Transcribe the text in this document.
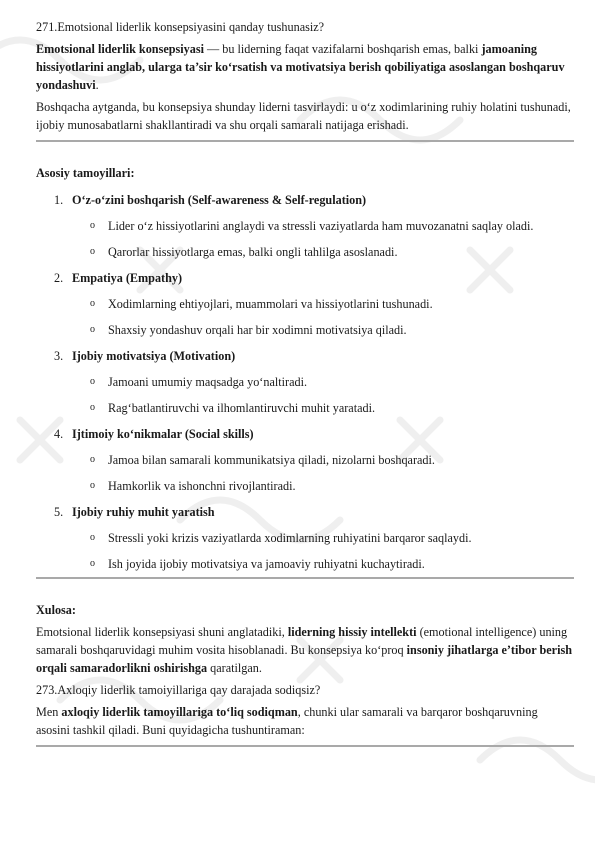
271.Emotsional liderlik konsepsiyasini qanday tushunasiz?

Emotsional liderlik konsepsiyasi — bu liderning faqat vazifalarni boshqarish emas, balki jamoaning hissiyotlarini anglab, ularga ta’sir ko‘rsatish va motivatsiya berish qobiliyatiga asoslangan boshqaruv yondashuvi.

Boshqacha aytganda, bu konsepsiya shunday liderni tasvirlaydi: u o‘z xodimlarining ruhiy holatini tushunadi, ijobiy munosabatlarni shakllantiradi va shu orqali samarali natijaga erishadi.

Asosiy tamoyillari:

1. O‘z-o‘zini boshqarish (Self-awareness & Self-regulation)
o Lider o‘z hissiyotlarini anglaydi va stressli vaziyatlarda ham muvozanatni saqlay oladi.
o Qarorlar hissiyotlarga emas, balki ongli tahlilga asoslanadi.
2. Empatiya (Empathy)
o Xodimlarning ehtiyojlari, muammolari va hissiyotlarini tushunadi.
o Shaxsiy yondashuv orqali har bir xodimni motivatsiya qiladi.
3. Ijobiy motivatsiya (Motivation)
o Jamoani umumiy maqsadga yo‘naltiradi.
o Rag‘batlantiruvchi va ilhomlantiruvchi muhit yaratadi.
4. Ijtimoiy ko‘nikmalar (Social skills)
o Jamoa bilan samarali kommunikatsiya qiladi, nizolarni boshqaradi.
o Hamkorlik va ishonchni rivojlantiradi.
5. Ijobiy ruhiy muhit yaratish
o Stressli yoki krizis vaziyatlarda xodimlarning ruhiyatini barqaror saqlaydi.
o Ish joyida ijobiy motivatsiya va jamoaviy ruhiyatni kuchaytiradi.

Xulosa:

Emotsional liderlik konsepsiyasi shuni anglatadiki, liderning hissiy intellekti (emotional intelligence) uning samarali boshqaruvidagi muhim vosita hisoblanadi. Bu konsepsiya ko‘proq insoniy jihatlarga e’tibor berish orqali samaradorlikni oshirishga qaratilgan.

273.Axloqiy liderlik tamoiyillariga qay darajada sodiqsiz?

Men axloqiy liderlik tamoyillariga to‘liq sodiqman, chunki ular samarali va barqaror boshqaruvning asosini tashkil qiladi. Buni quyidagicha tushuntiraman:
